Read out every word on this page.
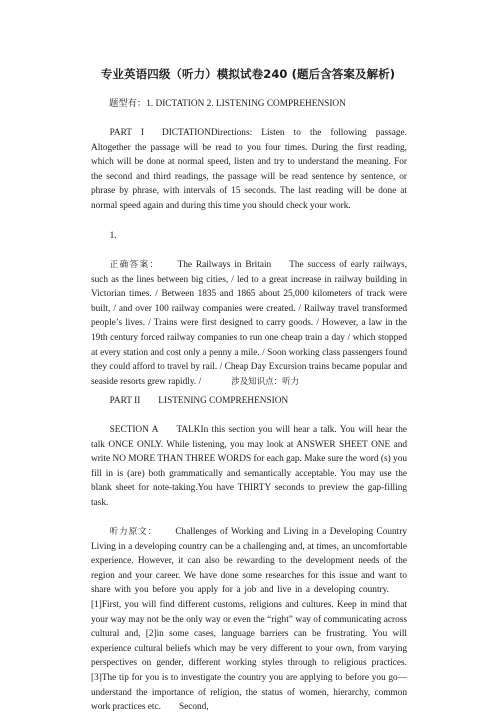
专业英语四级（听力）模拟试卷240 (题后含答案及解析)
题型有：1. DICTATION 2. LISTENING COMPREHENSION
PART I DICTATIONDirections: Listen to the following passage. Altogether the passage will be read to you four times. During the first reading, which will be done at normal speed, listen and try to understand the meaning. For the second and third readings, the passage will be read sentence by sentence, or phrase by phrase, with intervals of 15 seconds. The last reading will be done at normal speed again and during this time you should check your work.
1.
正确答案： The Railways in Britain The success of early railways, such as the lines between big cities, / led to a great increase in railway building in Victorian times. / Between 1835 and 1865 about 25,000 kilometers of track were built, / and over 100 railway companies were created. / Railway travel transformed people’s lives. / Trains were first designed to carry goods. / However, a law in the 19th century forced railway companies to run one cheap train a day / which stopped at every station and cost only a penny a mile. / Soon working class passengers found they could afford to travel by rail. / Cheap Day Excursion trains became popular and seaside resorts grew rapidly. /	涉及知识点：听力
PART II LISTENING COMPREHENSION
SECTION A TALKIn this section you will hear a talk. You will hear the talk ONCE ONLY. While listening, you may look at ANSWER SHEET ONE and write NO MORE THAN THREE WORDS for each gap. Make sure the word (s) you fill in is (are) both grammatically and semantically acceptable. You may use the blank sheet for note-taking.You have THIRTY seconds to preview the gap-filling task.
听力原文： Challenges of Working and Living in a Developing Country Living in a developing country can be a challenging and, at times, an uncomfortable experience. However, it can also be rewarding to the development needs of the region and your career. We have done some researches for this issue and want to share with you before you apply for a job and live in a developing country.[1]First, you will find different customs, religions and cultures. Keep in mind that your way may not be the only way or even the “right” way of communicating across cultural and, [2]in some cases, language barriers can be frustrating. You will experience cultural beliefs which may be very different to your own, from varying perspectives on gender, different working styles through to religious practices. [3]The tip for you is to investigate the country you are applying to before you go—understand the importance of religion, the status of women, hierarchy, common work practices etc. Second,
